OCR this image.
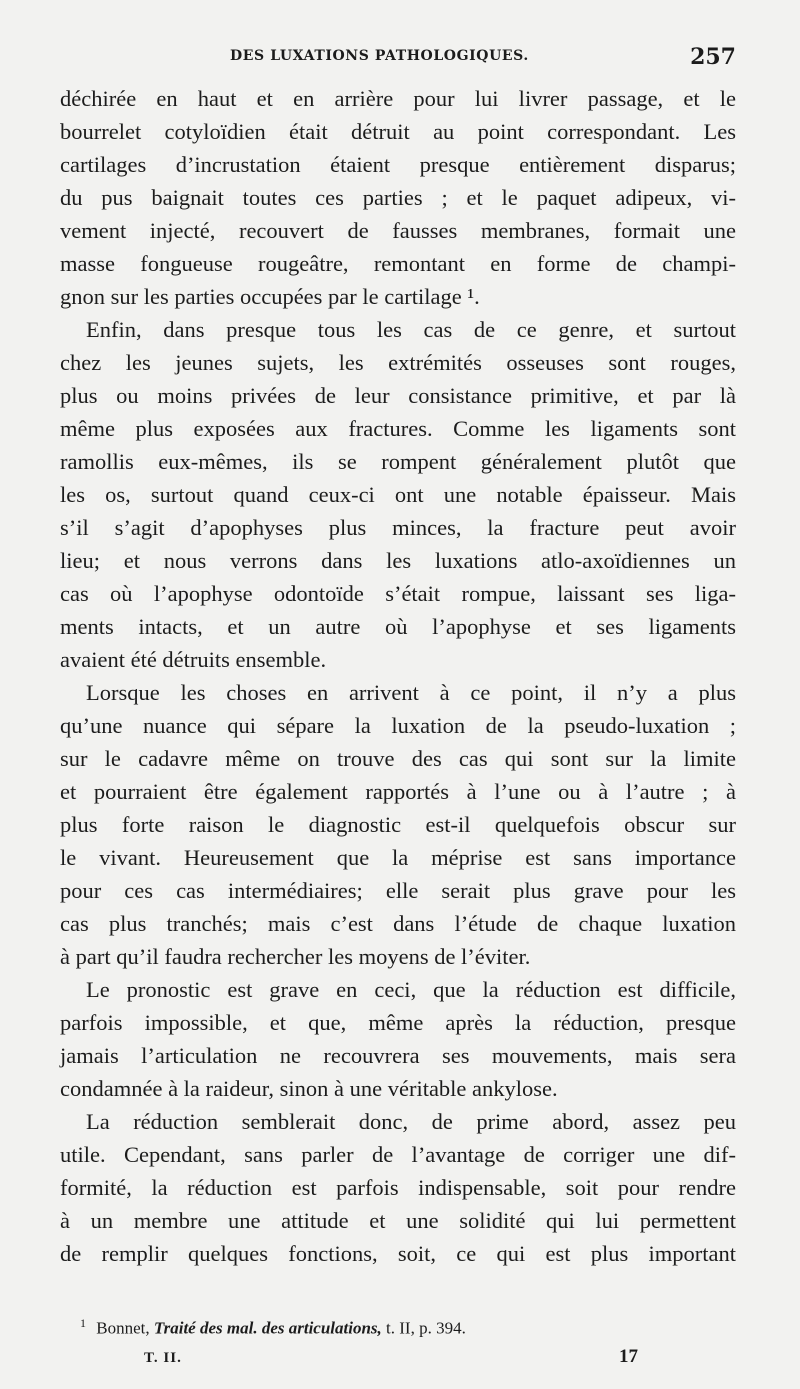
DES LUXATIONS PATHOLOGIQUES.	257
déchirée en haut et en arrière pour lui livrer passage, et le
bourrelet cotyloïdien était détruit au point correspondant. Les
cartilages d’incrustation étaient presque entièrement disparus;
du pus baignait toutes ces parties ; et le paquet adipeux, vi-
vement injecté, recouvert de fausses membranes, formait une
masse fongueuse rougeâtre, remontant en forme de champi-
gnon sur les parties occupées par le cartilage ¹.
Enfin, dans presque tous les cas de ce genre, et surtout
chez les jeunes sujets, les extrémités osseuses sont rouges,
plus ou moins privées de leur consistance primitive, et par là
même plus exposées aux fractures. Comme les ligaments sont
ramollis eux-mêmes, ils se rompent généralement plutôt que
les os, surtout quand ceux-ci ont une notable épaisseur. Mais
s’il s’agit d’apophyses plus minces, la fracture peut avoir
lieu; et nous verrons dans les luxations atlo-axoïdiennes un
cas où l’apophyse odontoïde s’était rompue, laissant ses liga-
ments intacts, et un autre où l’apophyse et ses ligaments
avaient été détruits ensemble.
Lorsque les choses en arrivent à ce point, il n’y a plus
qu’une nuance qui sépare la luxation de la pseudo-luxation ;
sur le cadavre même on trouve des cas qui sont sur la limite
et pourraient être également rapportés à l’une ou à l’autre ; à
plus forte raison le diagnostic est-il quelquefois obscur sur
le vivant. Heureusement que la méprise est sans importance
pour ces cas intermédiaires; elle serait plus grave pour les
cas plus tranchés; mais c’est dans l’étude de chaque luxation
à part qu’il faudra rechercher les moyens de l’éviter.
Le pronostic est grave en ceci, que la réduction est difficile,
parfois impossible, et que, même après la réduction, presque
jamais l’articulation ne recouvrera ses mouvements, mais sera
condamnée à la raideur, sinon à une véritable ankylose.
La réduction semblerait donc, de prime abord, assez peu
utile. Cependant, sans parler de l’avantage de corriger une dif-
formité, la réduction est parfois indispensable, soit pour rendre
à un membre une attitude et une solidité qui lui permettent
de remplir quelques fonctions, soit, ce qui est plus important
$^1$ Bonnet, Traité des mal. des articulations, t. II, p. 394.
T. II.	17
